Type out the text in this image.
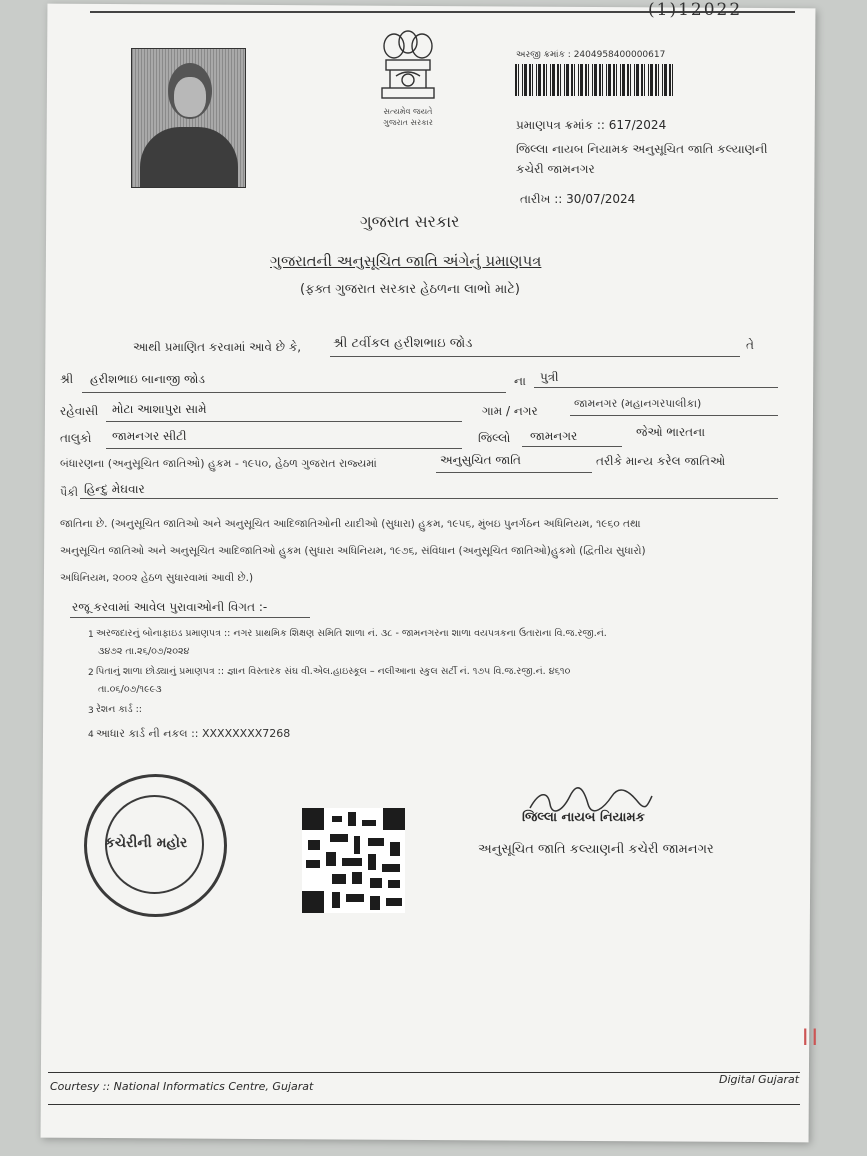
(1)12022
સત્યમેવ જયતે
ગુજરાત સરકાર
અરજી ક્રમાંક : 2404958400000617
પ્રમાણપત્ર ક્રમાંક :: 617/2024
જિલ્લા નાયબ નિયામક અનુસૂચિત જાતિ કલ્યાણની
કચેરી જામનગર
તારીખ :: 30/07/2024
ગુજરાત સરકાર
ગુજરાતની અનુસૂચિત જાતિ અંગેનું પ્રમાણપત્ર
(ફક્ત ગુજરાત સરકાર હેઠળના લાભો માટે)
આથી પ્રમાણિત કરવામાં આવે છે કે, શ્રી ટવીંકલ હરીશભાઇ જોડ	તે
શ્રી હરીશભાઇ બાનાજી જોડ	ના પુત્રી
રહેવાસી મોટા આશાપુરા સામે	ગામ / નગર
જામનગર (મહાનગરપાલીકા)
તાલુકો જામનગર સીટી	જિલ્લો જામનગર	જેઓ ભારતના
બંધારણના (અનુસૂચિત જાતિઓ) હુકમ - ૧૯૫૦, હેઠળ ગુજરાત રાજ્યમાં	અનુસુચિત જાતિ	તરીકે માન્ય કરેલ જાતિઓ
પૈકી હિન્દુ મેઘવાર
જાતિના છે. (અનુસૂચિત જાતિઓ અને અનુસૂચિત આદિજાતિઓની યાદીઓ (સુધારા) હુકમ, ૧૯૫૬, મુંબઇ પુનર્ગઠન અધિનિયમ, ૧૯૬૦ તથા
અનુસૂચિત જાતિઓ અને અનુસૂચિત આદિજાતિઓ હુકમ (સુધારા અધિનિયમ, ૧૯૭૬, સંવિધાન (અનુસૂચિત જાતિઓ)હુકમો (દ્વિતીય સુધારો)
અધિનિયમ, ૨૦૦૨ હેઠળ સુધારવામાં આવી છે.)
રજૂ કરવામાં આવેલ પુરાવાઓની વિગત :-
1 અરજદારનું બોનાફાઇડ પ્રમાણપત્ર :: નગર પ્રાથમિક શિક્ષણ સમિતિ શાળા નં. ૩૮ - જામનગરના શાળા વયપત્રકના ઉતારાના વિ.જ.રજી.નં.
૩૪૭૨ તા.૨૬/૦૭/૨૦૨૪
2 પિતાનું શાળા છોડ્યાનું પ્રમાણપત્ર :: જ્ઞાન વિસ્તારક સંઘ વી.એલ.હાઇસ્કૂલ – નલીઆના સ્કુલ સર્ટી નં. ૧૭૫ વિ.જ.રજી.નં. ૪૬૧૦
તા.૦૬/૦૭/૧૯૯૩
3 રેશન કાર્ડ ::
4 આધાર કાર્ડ ની નકલ :: XXXXXXXX7268
કચેરીની મહોર
જિલ્લા નાયબ નિયામક
અનુસૂચિત જાતિ કલ્યાણની કચેરી જામનગર
II
Courtesy :: National Informatics Centre, Gujarat
Digital Gujarat
